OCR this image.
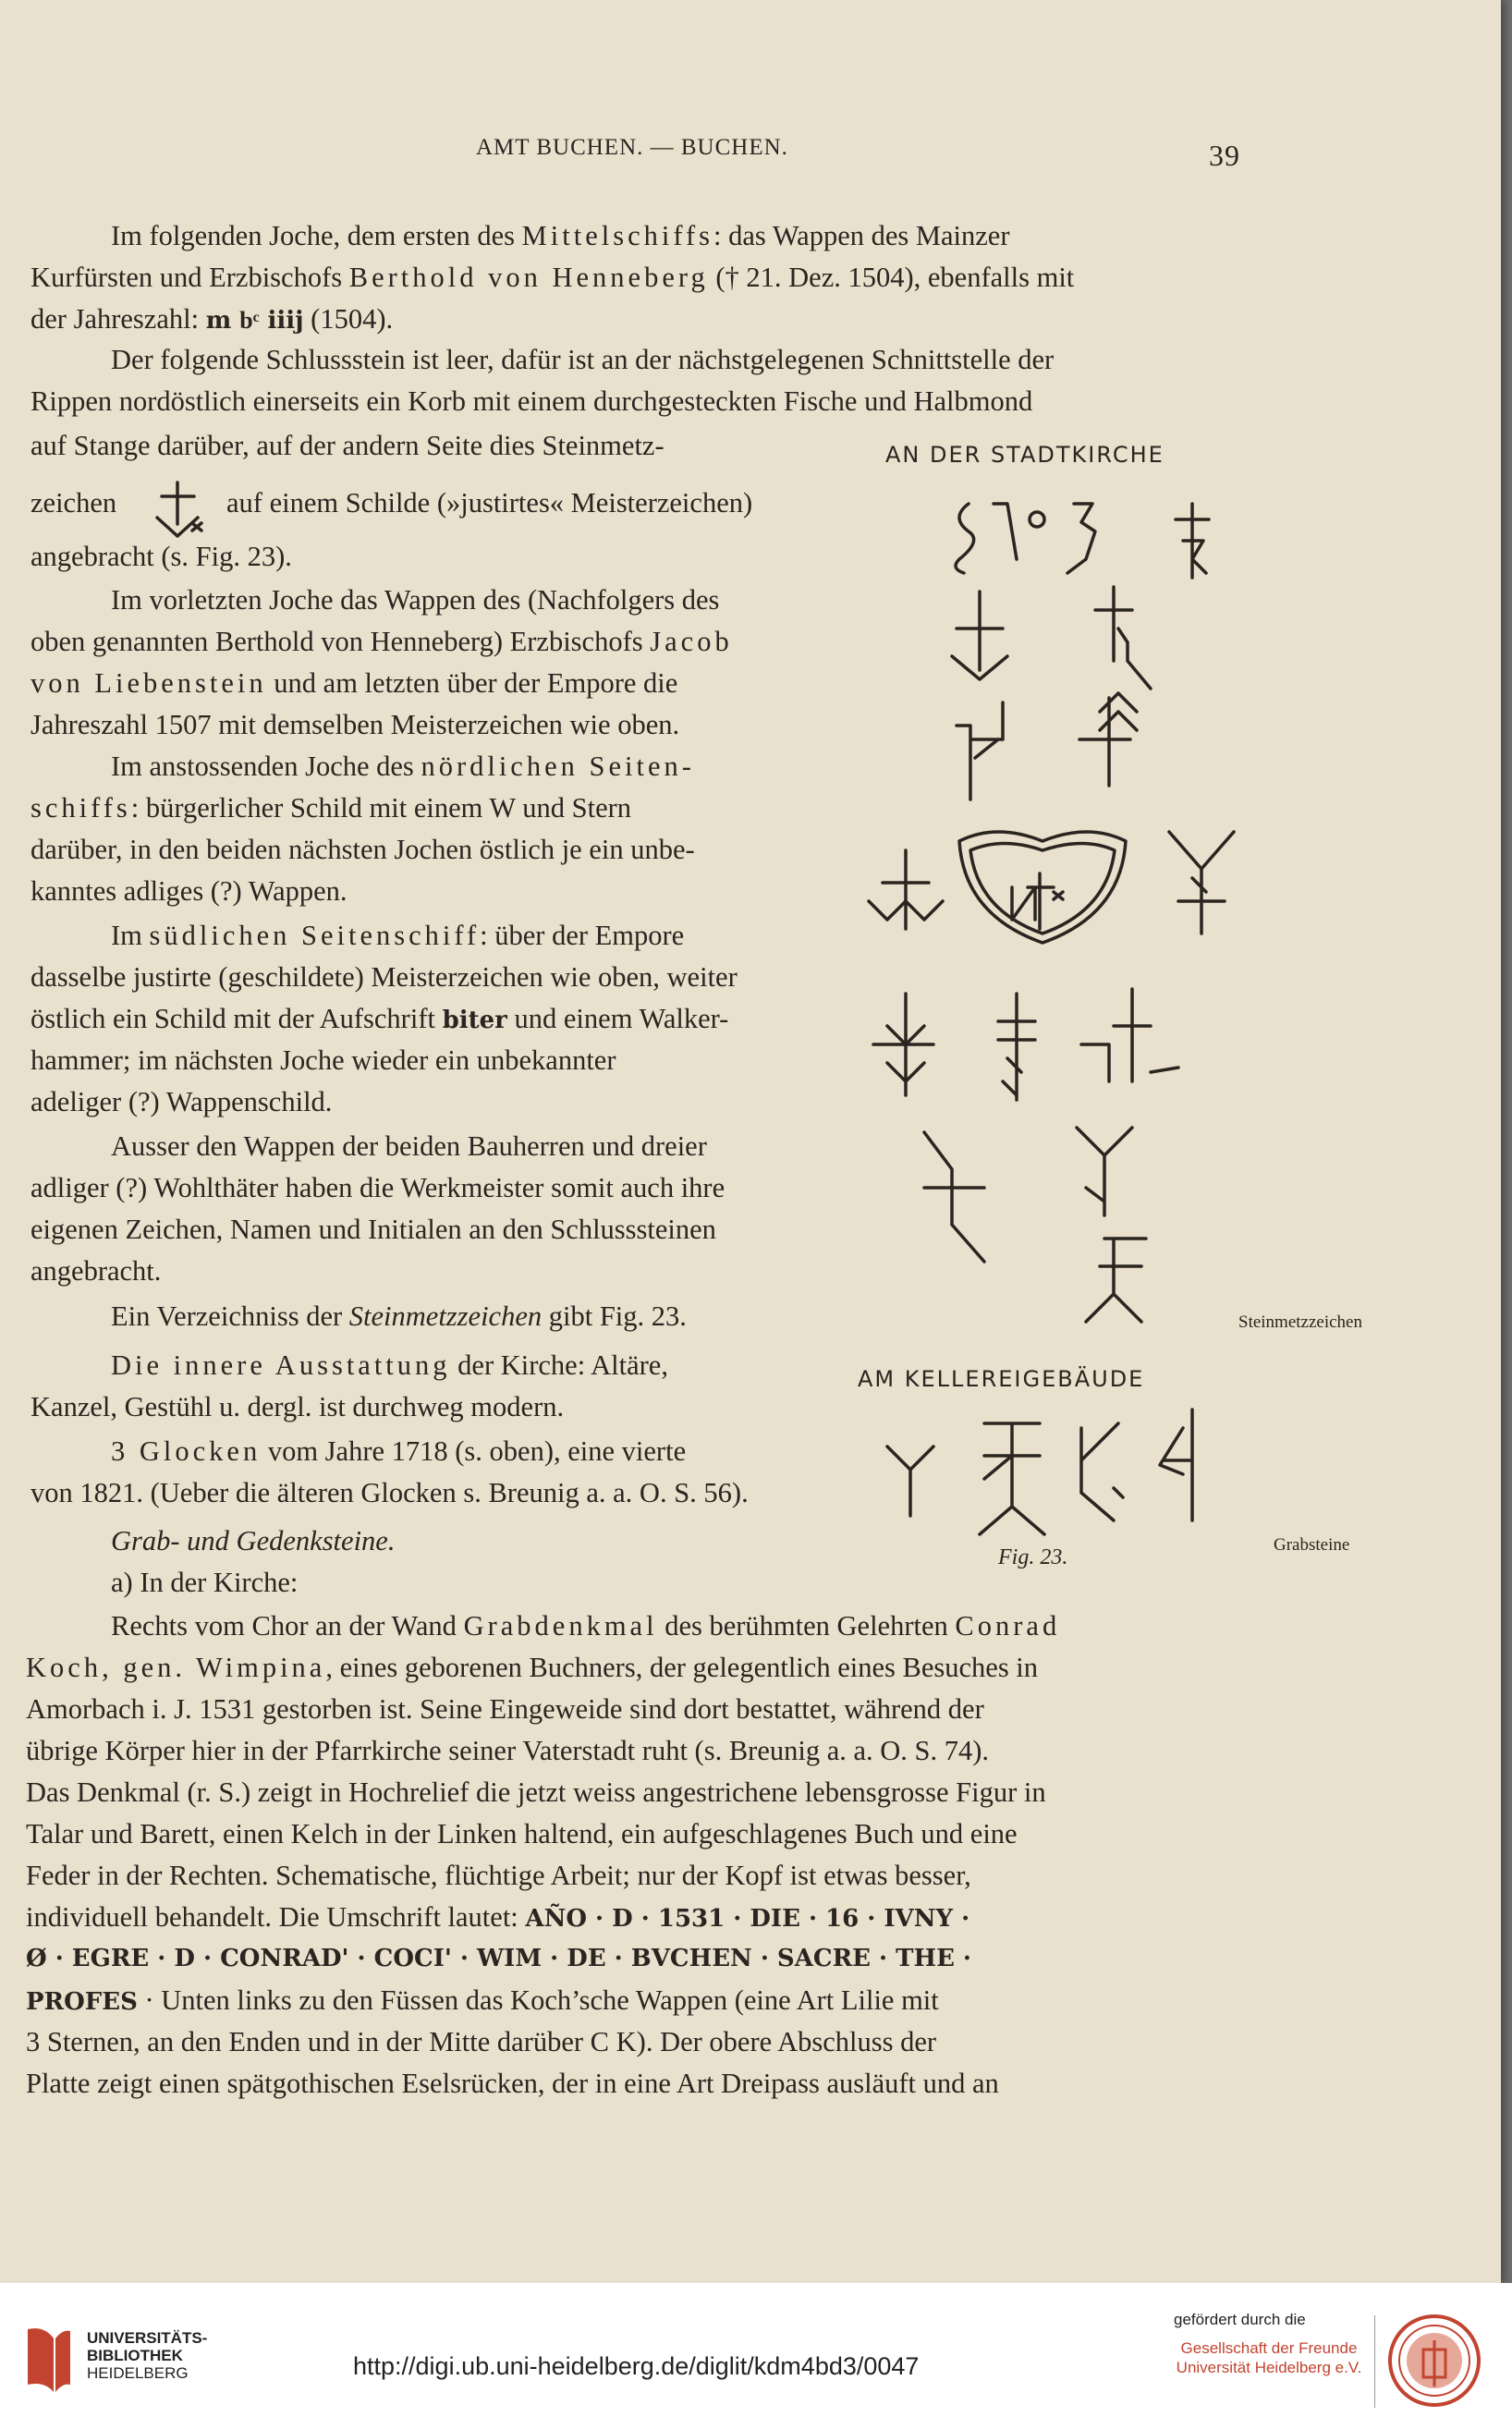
AMT BUCHEN. — BUCHEN.	39
Im folgenden Joche, dem ersten des Mittelschiffs: das Wappen des Mainzer
Kurfürsten und Erzbischofs Berthold von Henneberg († 21. Dez. 1504), ebenfalls mit
der Jahreszahl: m bͨ iiij (1504).
Der folgende Schlussstein ist leer, dafür ist an der nächstgelegenen Schnittstelle der
Rippen nordöstlich einerseits ein Korb mit einem durchgesteckten Fische und Halbmond
auf Stange darüber, auf der andern Seite dies Steinmetz-
zeichen	auf einem Schilde (»justirtes« Meisterzeichen)
angebracht (s. Fig. 23).
Im vorletzten Joche das Wappen des (Nachfolgers des
oben genannten Berthold von Henneberg) Erzbischofs Jacob
von Liebenstein und am letzten über der Empore die
Jahreszahl 1507 mit demselben Meisterzeichen wie oben.
Im anstossenden Joche des nördlichen Seiten-
schiffs: bürgerlicher Schild mit einem W und Stern
darüber, in den beiden nächsten Jochen östlich je ein unbe-
kanntes adliges (?) Wappen.
Im südlichen Seitenschiff: über der Empore
dasselbe justirte (geschildete) Meisterzeichen wie oben, weiter
östlich ein Schild mit der Aufschrift biter und einem Walker-
hammer; im nächsten Joche wieder ein unbekannter
adeliger (?) Wappenschild.
Ausser den Wappen der beiden Bauherren und dreier
adliger (?) Wohlthäter haben die Werkmeister somit auch ihre
eigenen Zeichen, Namen und Initialen an den Schlusssteinen
angebracht.
Ein Verzeichniss der Steinmetzzeichen gibt Fig. 23.
Die innere Ausstattung der Kirche: Altäre,
Kanzel, Gestühl u. dergl. ist durchweg modern.
3 Glocken vom Jahre 1718 (s. oben), eine vierte
von 1821. (Ueber die älteren Glocken s. Breunig a. a. O. S. 56).
Grab- und Gedenksteine.
a) In der Kirche:
Rechts vom Chor an der Wand Grabdenkmal des berühmten Gelehrten Conrad
Koch, gen. Wimpina, eines geborenen Buchners, der gelegentlich eines Besuches in
Amorbach i. J. 1531 gestorben ist. Seine Eingeweide sind dort bestattet, während der
übrige Körper hier in der Pfarrkirche seiner Vaterstadt ruht (s. Breunig a. a. O. S. 74).
Das Denkmal (r. S.) zeigt in Hochrelief die jetzt weiss angestrichene lebensgrosse Figur in
Talar und Barett, einen Kelch in der Linken haltend, ein aufgeschlagenes Buch und eine
Feder in der Rechten. Schematische, flüchtige Arbeit; nur der Kopf ist etwas besser,
individuell behandelt. Die Umschrift lautet: AÑO · D · 1531 · DIE · 16 · IVNY ·
Ø · EGRE · D · CONRAD' · COCI' · WIM · DE · BVCHEN · SACRE · THE ·
PROFES · Unten links zu den Füssen das Koch’sche Wappen (eine Art Lilie mit
3 Sternen, an den Enden und in der Mitte darüber C K). Der obere Abschluss der
Platte zeigt einen spätgothischen Eselsrücken, der in eine Art Dreipass ausläuft und an
Steinmetzzeichen
Grabsteine
AN DER STADTKIRCHE
AM KELLEREIGEBÄUDE
Fig. 23.
UNIVERSITÄTS-
BIBLIOTHEK
HEIDELBERG	http://digi.ub.uni-heidelberg.de/diglit/kdm4bd3/0047
gefördert durch die
Gesellschaft der Freunde
Universität Heidelberg e.V.
